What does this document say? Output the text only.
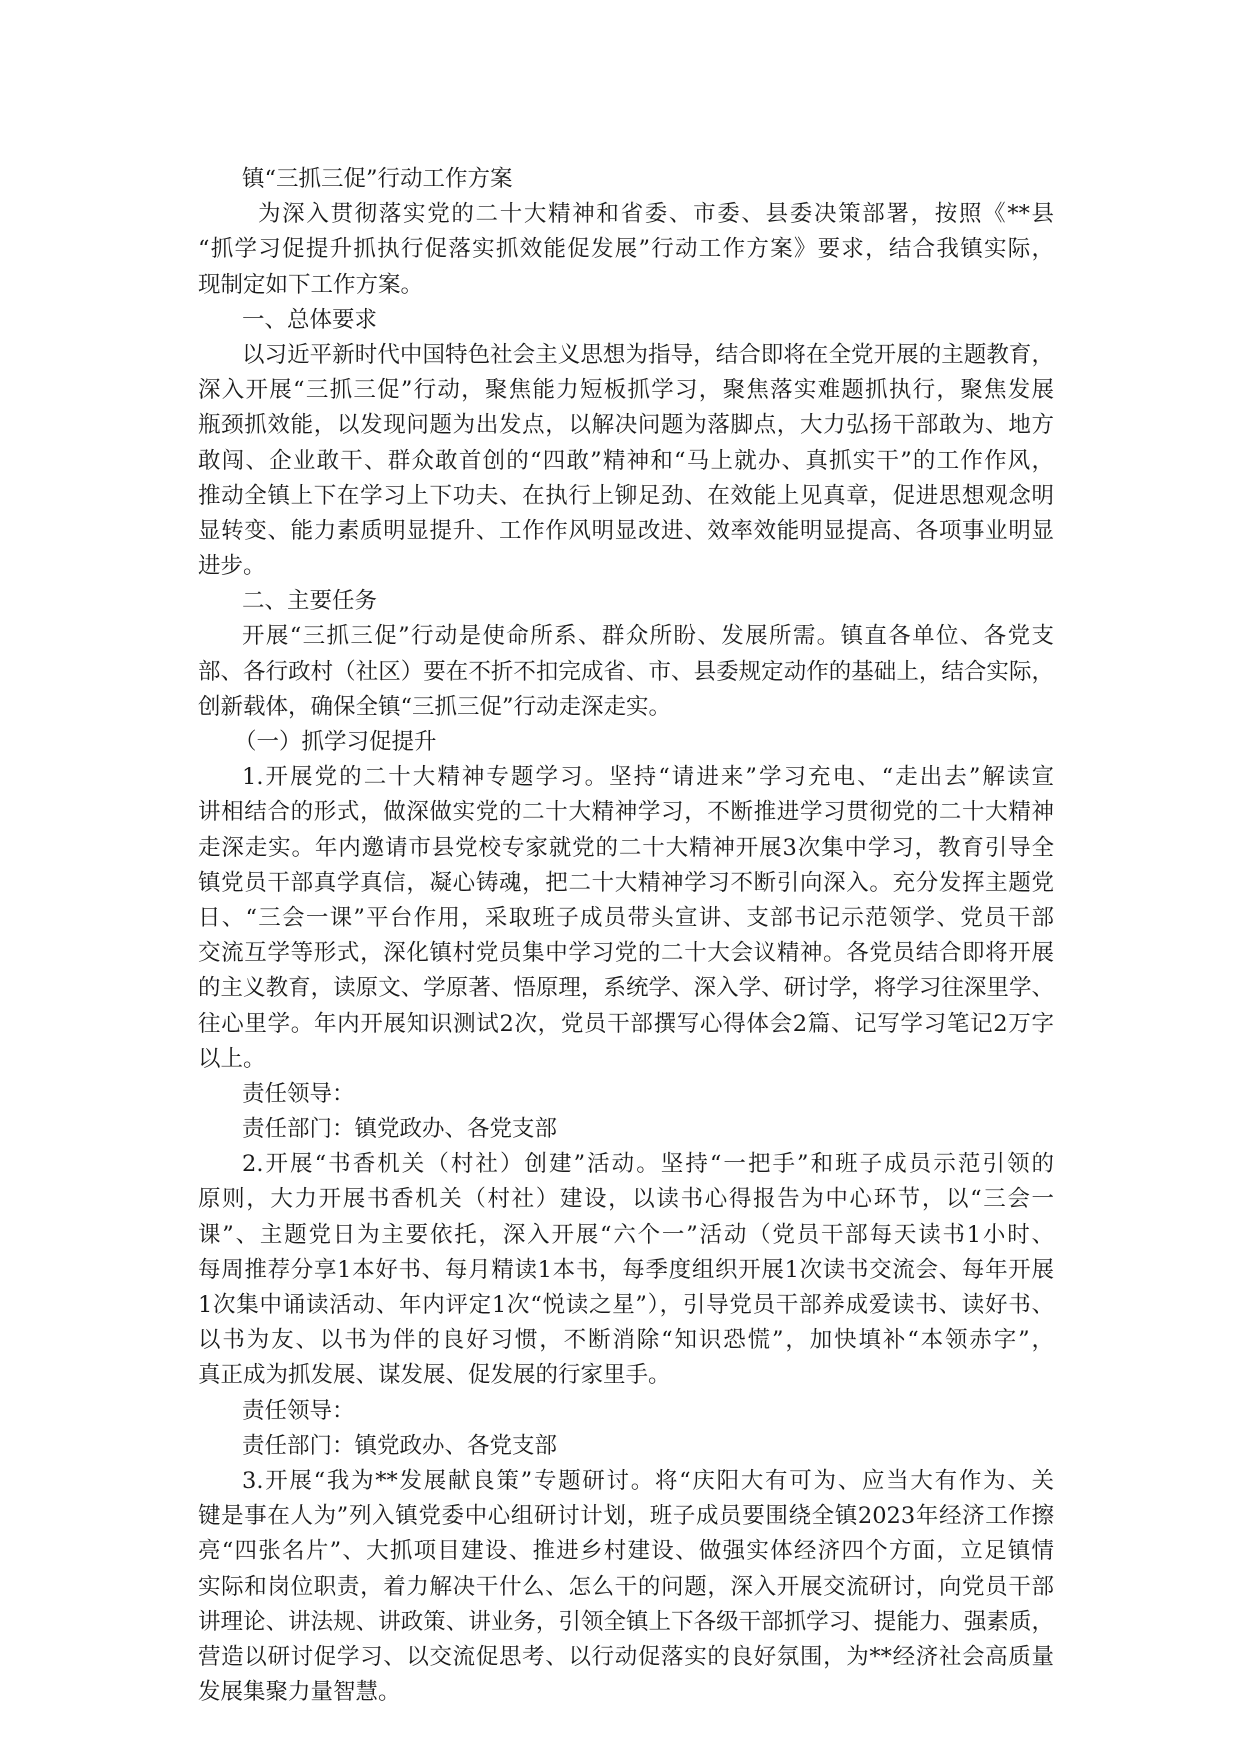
镇“三抓三促”行动工作方案
为深入贯彻落实党的二十大精神和省委、市委、县委决策部署，按照《**县
“抓学习促提升抓执行促落实抓效能促发展”行动工作方案》要求，结合我镇实际，
现制定如下工作方案。
一、总体要求
以习近平新时代中国特色社会主义思想为指导，结合即将在全党开展的主题教育，
深入开展“三抓三促”行动，聚焦能力短板抓学习，聚焦落实难题抓执行，聚焦发展
瓶颈抓效能，以发现问题为出发点，以解决问题为落脚点，大力弘扬干部敢为、地方
敢闯、企业敢干、群众敢首创的“四敢”精神和“马上就办、真抓实干”的工作作风，
推动全镇上下在学习上下功夫、在执行上铆足劲、在效能上见真章，促进思想观念明
显转变、能力素质明显提升、工作作风明显改进、效率效能明显提高、各项事业明显
进步。
二、主要任务
开展“三抓三促”行动是使命所系、群众所盼、发展所需。镇直各单位、各党支
部、各行政村（社区）要在不折不扣完成省、市、县委规定动作的基础上，结合实际，
创新载体，确保全镇“三抓三促”行动走深走实。
（一）抓学习促提升
1.开展党的二十大精神专题学习。坚持“请进来”学习充电、“走出去”解读宣
讲相结合的形式，做深做实党的二十大精神学习，不断推进学习贯彻党的二十大精神
走深走实。年内邀请市县党校专家就党的二十大精神开展3次集中学习，教育引导全
镇党员干部真学真信，凝心铸魂，把二十大精神学习不断引向深入。充分发挥主题党
日、“三会一课”平台作用，采取班子成员带头宣讲、支部书记示范领学、党员干部
交流互学等形式，深化镇村党员集中学习党的二十大会议精神。各党员结合即将开展
的主义教育，读原文、学原著、悟原理，系统学、深入学、研讨学，将学习往深里学、
往心里学。年内开展知识测试2次，党员干部撰写心得体会2篇、记写学习笔记2万字
以上。
责任领导：
责任部门：镇党政办、各党支部
2.开展“书香机关（村社）创建”活动。坚持“一把手”和班子成员示范引领的
原则，大力开展书香机关（村社）建设，以读书心得报告为中心环节，以“三会一
课”、主题党日为主要依托，深入开展“六个一”活动（党员干部每天读书1小时、
每周推荐分享1本好书、每月精读1本书，每季度组织开展1次读书交流会、每年开展
1次集中诵读活动、年内评定1次“悦读之星”），引导党员干部养成爱读书、读好书、
以书为友、以书为伴的良好习惯，不断消除“知识恐慌”，加快填补“本领赤字”，
真正成为抓发展、谋发展、促发展的行家里手。
责任领导：
责任部门：镇党政办、各党支部
3.开展“我为**发展献良策”专题研讨。将“庆阳大有可为、应当大有作为、关
键是事在人为”列入镇党委中心组研讨计划，班子成员要围绕全镇2023年经济工作擦
亮“四张名片”、大抓项目建设、推进乡村建设、做强实体经济四个方面，立足镇情
实际和岗位职责，着力解决干什么、怎么干的问题，深入开展交流研讨，向党员干部
讲理论、讲法规、讲政策、讲业务，引领全镇上下各级干部抓学习、提能力、强素质，
营造以研讨促学习、以交流促思考、以行动促落实的良好氛围，为**经济社会高质量
发展集聚力量智慧。
